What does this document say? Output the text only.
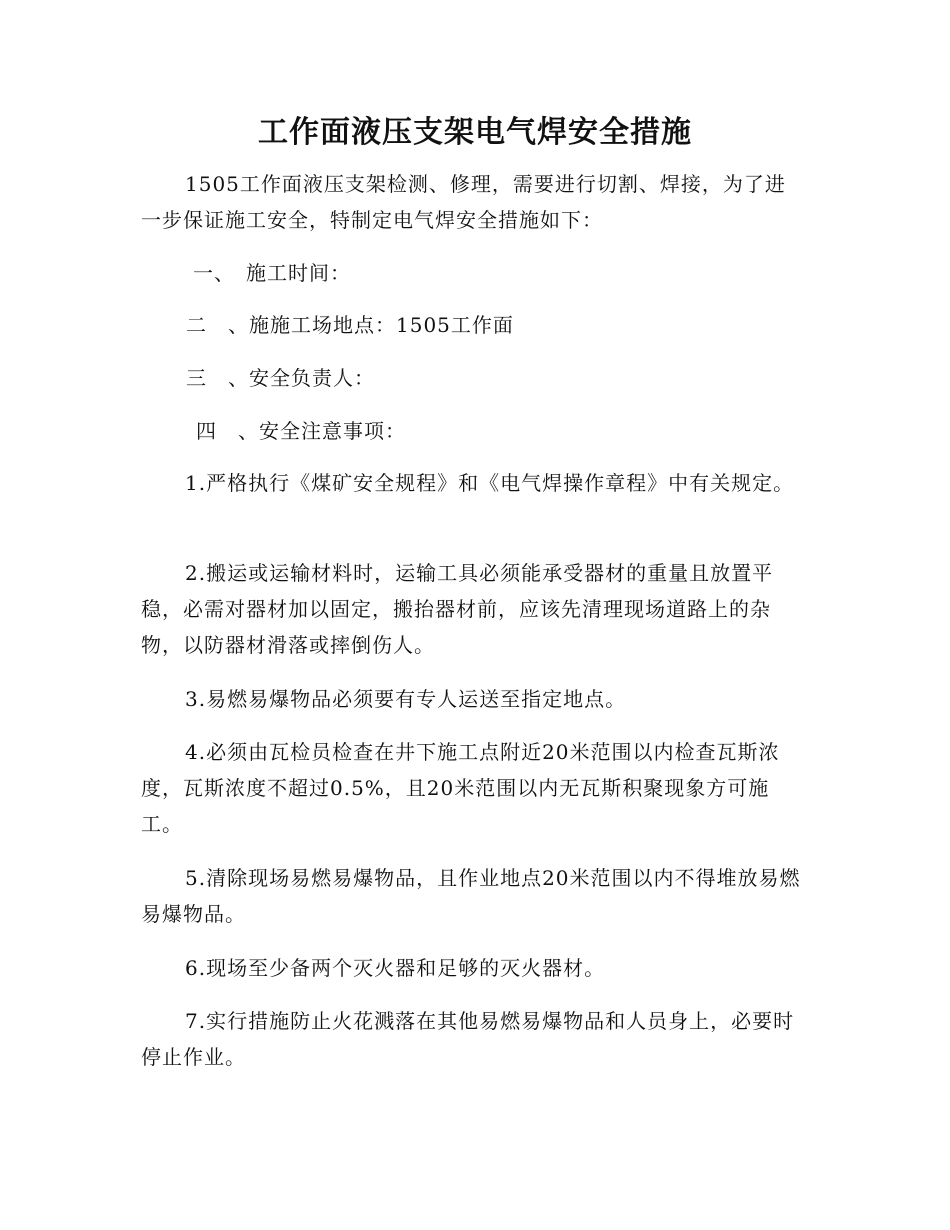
工作面液压支架电气焊安全措施

1505工作面液压支架检测、修理，需要进行切割、焊接，为了进一步保证施工安全，特制定电气焊安全措施如下：

一、　施工时间：

二　、施施工场地点：1505工作面

三　、安全负责人：

四　、安全注意事项：

1.严格执行《煤矿安全规程》和《电气焊操作章程》中有关规定。

2.搬运或运输材料时，运输工具必须能承受器材的重量且放置平稳，必需对器材加以固定，搬抬器材前，应该先清理现场道路上的杂物，以防器材滑落或摔倒伤人。

3.易燃易爆物品必须要有专人运送至指定地点。

4.必须由瓦检员检查在井下施工点附近20米范围以内检查瓦斯浓度，瓦斯浓度不超过0.5%，且20米范围以内无瓦斯积聚现象方可施工。

5.清除现场易燃易爆物品，且作业地点20米范围以内不得堆放易燃易爆物品。

6.现场至少备两个灭火器和足够的灭火器材。

7.实行措施防止火花溅落在其他易燃易爆物品和人员身上，必要时停止作业。
